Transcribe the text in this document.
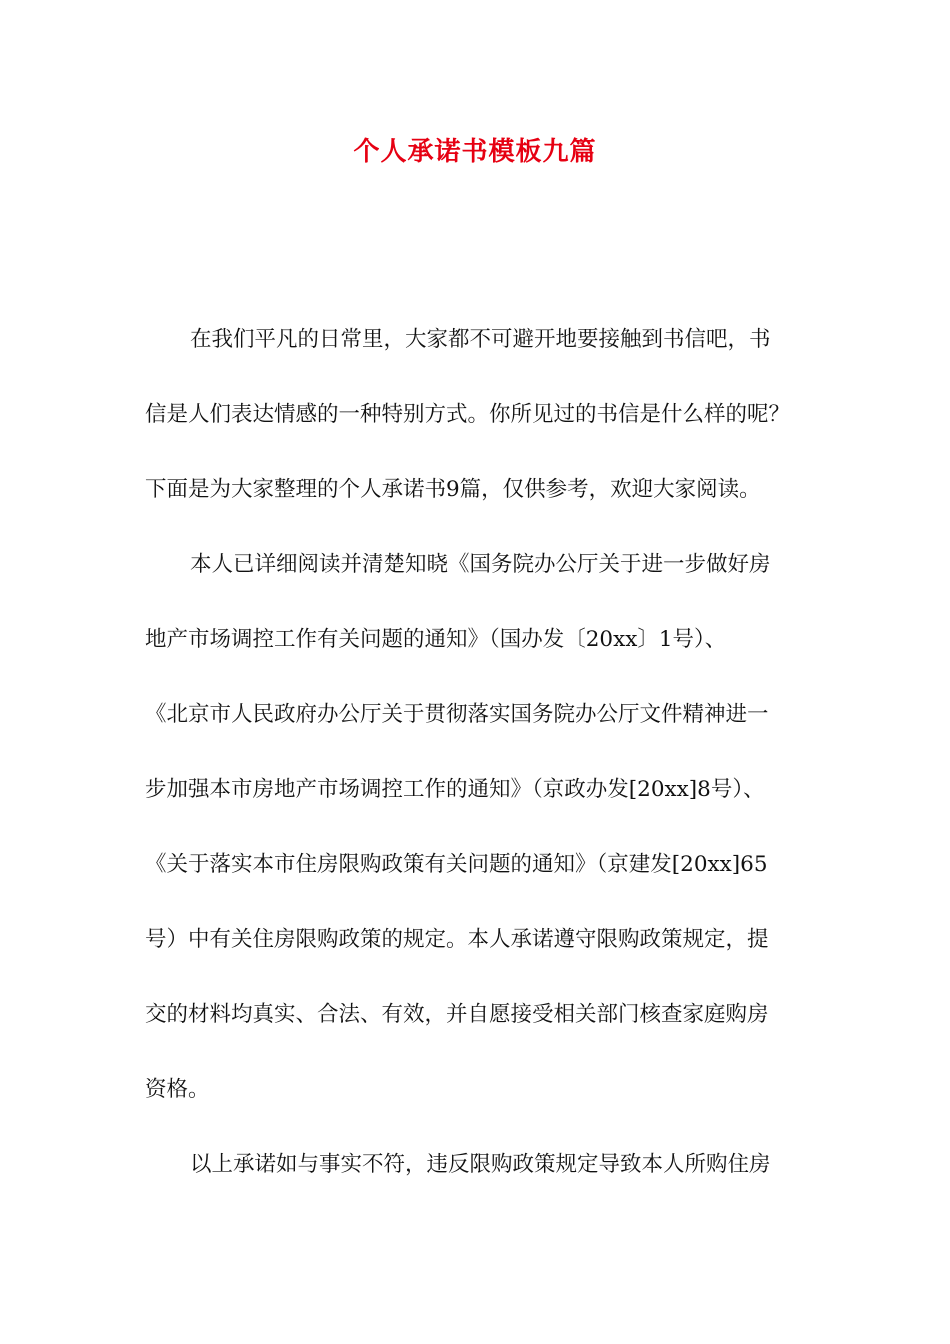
个人承诺书模板九篇
在我们平凡的日常里，大家都不可避开地要接触到书信吧，书
信是人们表达情感的一种特别方式。你所见过的书信是什么样的呢？
下面是为大家整理的个人承诺书9篇，仅供参考，欢迎大家阅读。
本人已详细阅读并清楚知晓《国务院办公厅关于进一步做好房
地产市场调控工作有关问题的通知》（国办发〔20xx〕1号）、
《北京市人民政府办公厅关于贯彻落实国务院办公厅文件精神进一
步加强本市房地产市场调控工作的通知》（京政办发[20xx]8号）、
《关于落实本市住房限购政策有关问题的通知》（京建发[20xx]65
号）中有关住房限购政策的规定。本人承诺遵守限购政策规定，提
交的材料均真实、合法、有效，并自愿接受相关部门核查家庭购房
资格。
以上承诺如与事实不符，违反限购政策规定导致本人所购住房
